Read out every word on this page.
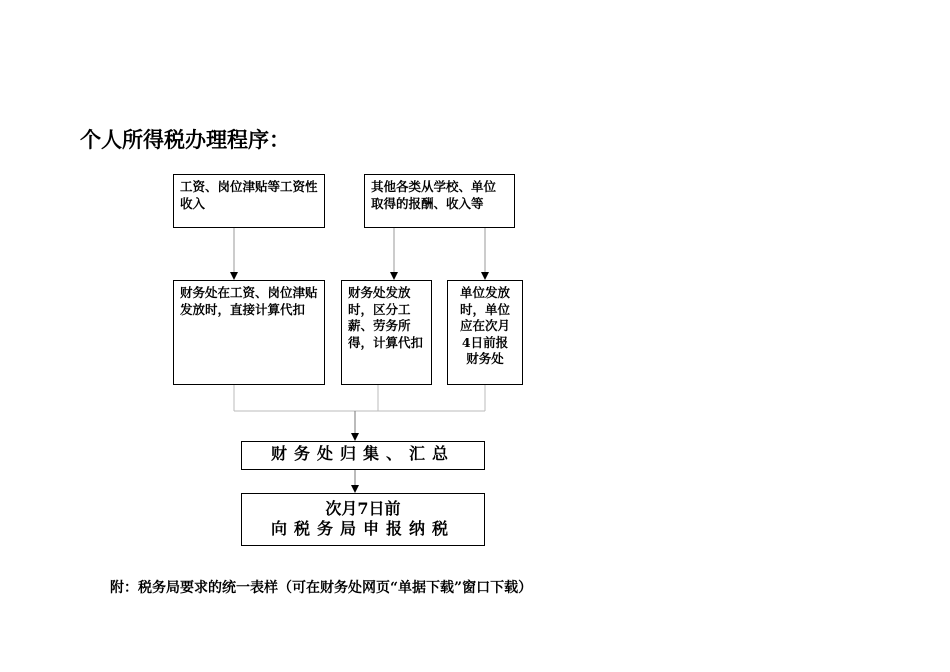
个人所得税办理程序：
工资、岗位津贴等工资性收入
其他各类从学校、单位取得的报酬、收入等
财务处在工资、岗位津贴发放时，直接计算代扣
财务处发放时，区分工薪、劳务所得，计算代扣
单位发放时，单位应在次月4日前报财务处
财务处归集、汇总
次月7日前
向税务局申报纳税
附：税务局要求的统一表样（可在财务处网页“单据下载”窗口下载）
